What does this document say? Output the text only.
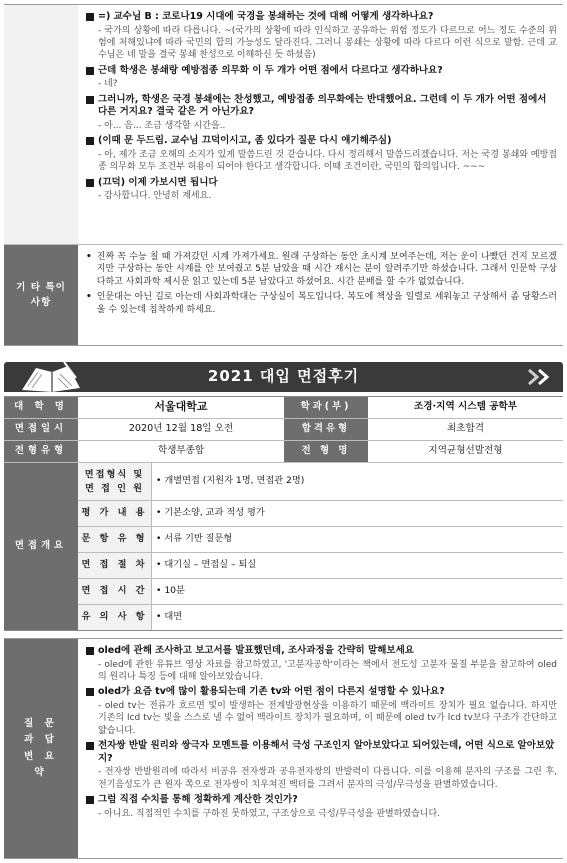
=) 교수님 B : 코로나19 시대에 국경을 봉쇄하는 것에 대해 어떻게 생각하나요?
- 국가의 상황에 따라 다릅니다. ~(국가의 상황에 따라 인식하고 공유하는 위험 정도가 다르므로 어느 정도 수준의 위험에 처해있냐에 따라 국민의 합의 가능성도 달라진다. 그러니 봉쇄는 상황에 따라 다르다 이런 식으로 말함. 근데 교수님은 네 말을 결국 봉쇄 찬성으로 이해하신 듯 하셨음)
근데 학생은 봉쇄랑 예방접종 의무화 이 두 개가 어떤 점에서 다르다고 생각하나요?
- 네?
그러니까, 학생은 국경 봉쇄에는 찬성했고, 예방접종 의무화에는 반대했어요. 그런데 이 두 개가 어떤 점에서 다른 거지요? 결국 같은 거 아닌가요?
- 아... 음... 조금 생각할 시간을..
(이때 문 두드림. 교수님 끄덕이시고, 좀 있다가 질문 다시 얘기해주심)
- 아, 제가 조금 오해의 소지가 있게 말씀드린 것 같습니다. 다시 정리해서 말씀드리겠습니다. 저는 국경 봉쇄와 예방접종 의무화 모두 조건부 허용이 되어야 한다고 생각합니다. 이때 조건이란, 국민의 합의입니다. ~~~
(끄덕) 이제 가보시면 됩니다
- 감사합니다. 안녕히 계세요.
기 타 특이사항
• 진짜 꼭 수능 칠 때 가져갔던 시계 가져가세요. 원래 구상하는 동안 초시계 보여주는데, 저는 운이 나빴던 건지 모르겠지만 구상하는 동안 시계를 안 보여줬고 5분 남았을 때 시간 재시는 분이 알려주기만 하셨습니다. 그래서 인문학 구상 다하고 사회과학 제시문 읽고 있는데 5분 남았다고 하셨어요. 시간 분배를 할 수가 없었습니다.
• 인문대는 아닌 길로 아는데 사회과학대는 구상실이 복도입니다. 복도에 책상을 일렬로 세워놓고 구상해서 좀 당황스러울 수 있는데 침착하게 하세요.
2021 대입 면접후기
대 학 명	서울대학교	학과(부)	조경·지역 시스템 공학부
면접일시	2020년 12월 18일 오전	합격유형	최초합격
전형유형	학생부종합	전 형 명	지역균형선발전형
면접개요
면접형식 및 면 접 인 원
• 개별면접 (지원자 1명, 면접관 2명)
평 가 내 용 • 기본소양, 교과 적성 평가
문 항 유 형 • 서류 기반 질문형
면 접 절 차 • 대기실 – 면접실 – 퇴실
면 접 시 간 • 10분
유 의 사 항 • 대면
질 문 과 답 변 요 약
oled에 관해 조사하고 보고서를 발표했던데, 조사과정을 간략히 말해보세요
- oled에 관한 유튜브 영상 자료를 참고하였고, '고분자공학'이라는 책에서 전도성 고분자 물질 부분을 참고하여 oled의 원리나 특징 등에 대해 알아보았습니다.
oled가 요즘 tv에 많이 활용되는데 기존 tv와 어떤 점이 다른지 설명할 수 있나요?
- oled tv는 전류가 흐르면 빛이 발생하는 전계발광현상을 이용하기 때문에 백라이트 장치가 필요 없습니다. 하지만 기존의 lcd tv는 빛을 스스로 낼 수 없어 백라이트 장치가 필요하며, 이 때문에 oled tv가 lcd tv보다 구조가 간단하고 얇습니다.
전자쌍 반발 원리와 쌍극자 모멘트를 이용해서 극성 구조인지 알아보았다고 되어있는데, 어떤 식으로 알아보았지?
- 전자쌍 반발원리에 따라서 비공유 전자쌍과 공유전자쌍의 반발력이 다릅니다. 이를 이용해 분자의 구조를 그린 후, 전기음성도가 큰 원자 쪽으로 전자쌍이 치우쳐진 벡터를 그려서 분자의 극성/무극성을 판별하였습니다.
그럼 직접 수치를 통해 정확하게 계산한 것인가?
- 아니요. 직접적인 수치를 구하진 못하였고, 구조상으로 극성/무극성을 판별하였습니다.
